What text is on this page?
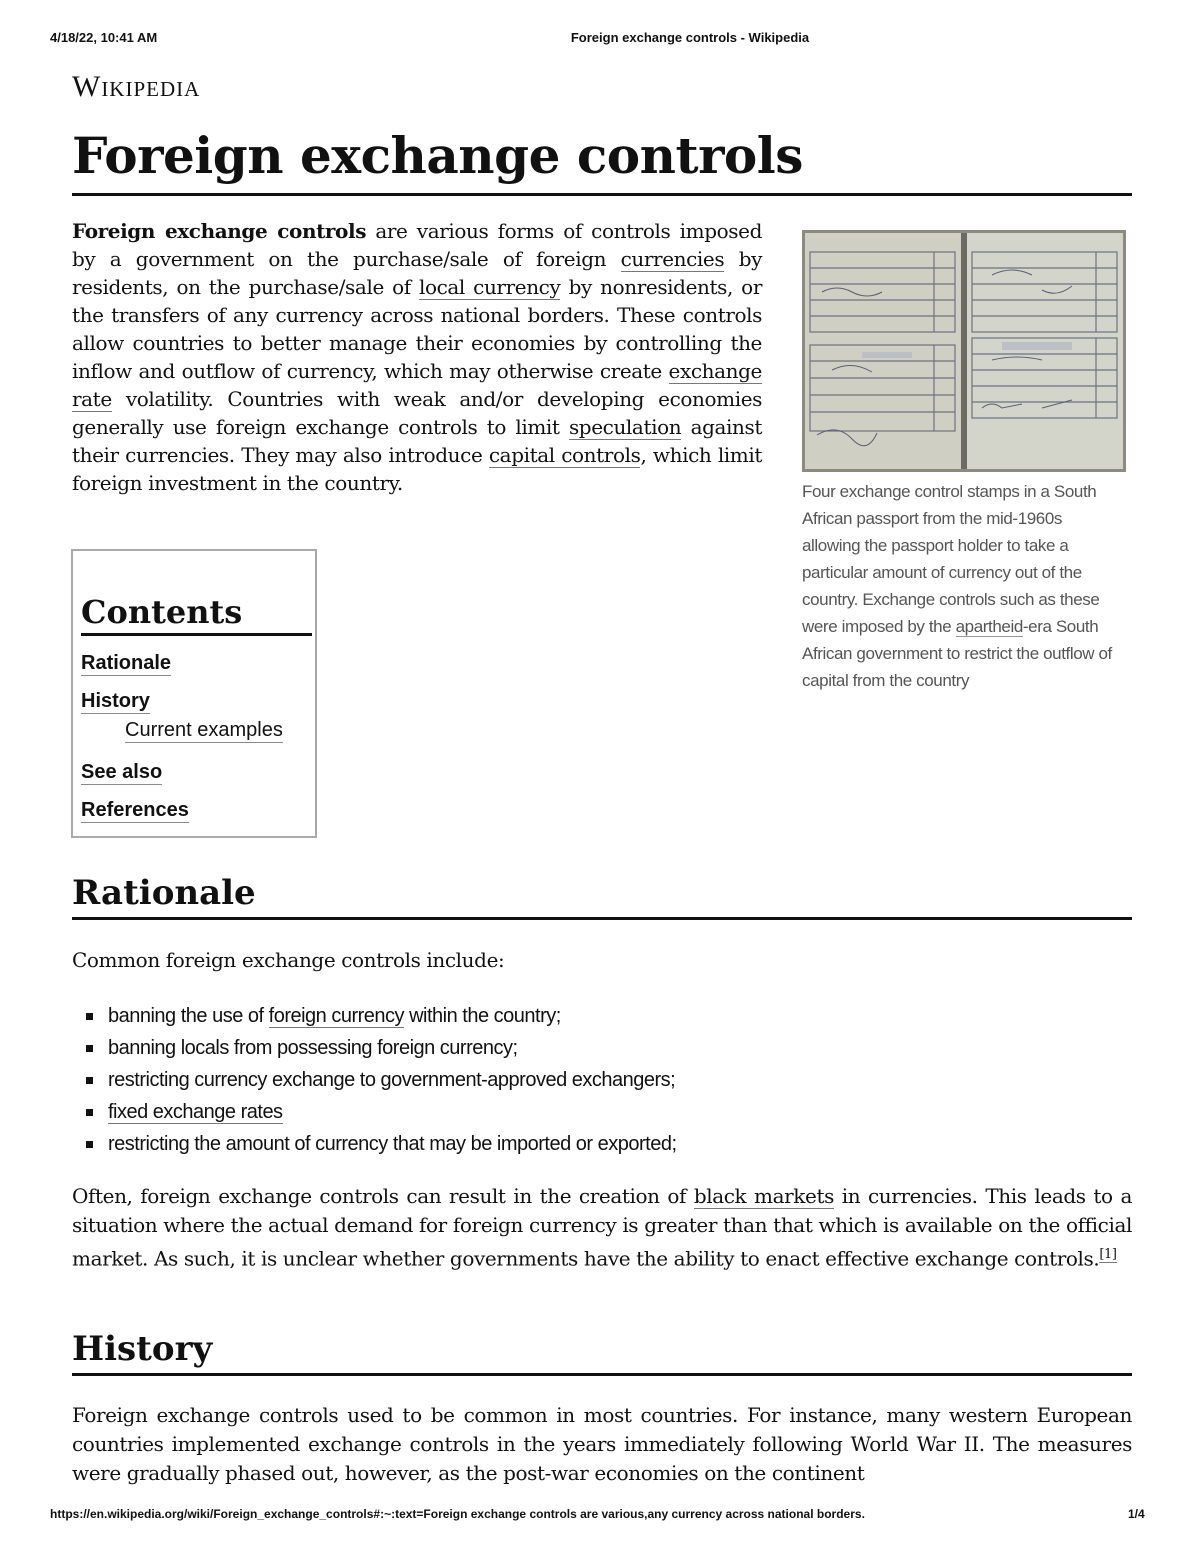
4/18/22, 10:41 AM	Foreign exchange controls - Wikipedia
Wikipedia
Foreign exchange controls
Foreign exchange controls are various forms of controls imposed by a government on the purchase/sale of foreign currencies by residents, on the purchase/sale of local currency by nonresidents, or the transfers of any currency across national borders. These controls allow countries to better manage their economies by controlling the inflow and outflow of currency, which may otherwise create exchange rate volatility. Countries with weak and/or developing economies generally use foreign exchange controls to limit speculation against their currencies. They may also introduce capital controls, which limit foreign investment in the country.	Four exchange control stamps in a South African passport from the mid-1960s allowing the passport holder to take a particular amount of currency out of the country. Exchange controls such as these were imposed by the apartheid-era South African government to restrict the outflow of capital from the country
Contents
Rationale
History
Current examples
See also
References
Rationale
Common foreign exchange controls include:
banning the use of foreign currency within the country;
banning locals from possessing foreign currency;
restricting currency exchange to government-approved exchangers;
fixed exchange rates
restricting the amount of currency that may be imported or exported;
Often, foreign exchange controls can result in the creation of black markets in currencies. This leads to a situation where the actual demand for foreign currency is greater than that which is available on the official market. As such, it is unclear whether governments have the ability to enact effective exchange controls.[1]
History
Foreign exchange controls used to be common in most countries. For instance, many western European countries implemented exchange controls in the years immediately following World War II. The measures were gradually phased out, however, as the post-war economies on the continent
https://en.wikipedia.org/wiki/Foreign_exchange_controls#:~:text=Foreign exchange controls are various,any currency across national borders.	1/4
